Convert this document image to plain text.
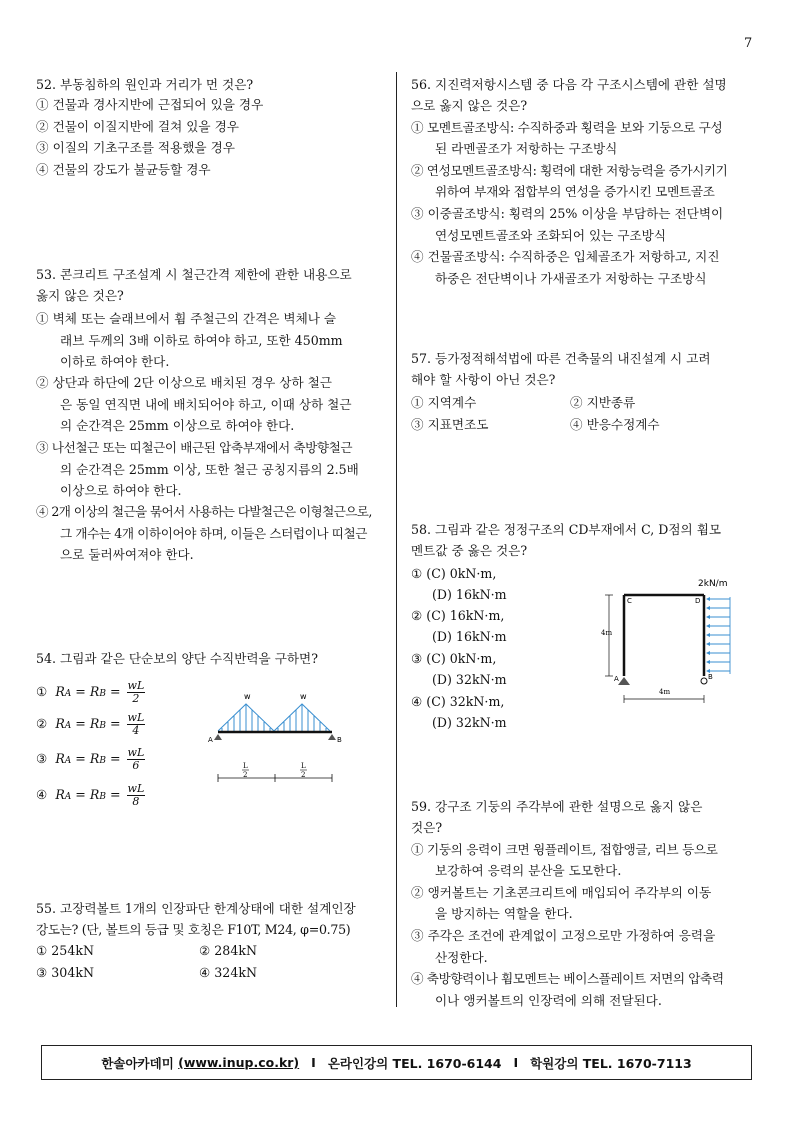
7
52. 부동침하의 원인과 거리가 먼 것은?
① 건물과 경사지반에 근접되어 있을 경우
② 건물이 이질지반에 걸쳐 있을 경우
③ 이질의 기초구조를 적용했을 경우
④ 건물의 강도가 불균등할 경우
53. 콘크리트 구조설계 시 철근간격 제한에 관한 내용으로
옳지 않은 것은?
① 벽체 또는 슬래브에서 휨 주철근의 간격은 벽체나 슬
래브 두께의 3배 이하로 하여야 하고, 또한 450mm
이하로 하여야 한다.
② 상단과 하단에 2단 이상으로 배치된 경우 상하 철근
은 동일 연직면 내에 배치되어야 하고, 이때 상하 철근
의 순간격은 25mm 이상으로 하여야 한다.
③ 나선철근 또는 띠철근이 배근된 압축부재에서 축방향철근
의 순간격은 25mm 이상, 또한 철근 공칭지름의 2.5배
이상으로 하여야 한다.
④ 2개 이상의 철근을 묶어서 사용하는 다발철근은 이형철근으로,
그 개수는 4개 이하이어야 하며, 이들은 스터럽이나 띠철근
으로 둘러싸여져야 한다.
54. 그림과 같은 단순보의 양단 수직반력을 구하면?
① RA = RB = $\frac{wL}{2}$
② RA = RB = $\frac{wL}{4}$
③ RA = RB = $\frac{wL}{6}$
④ RA = RB = $\frac{wL}{8}$
w	w
A	B
L
2
L
2
55. 고장력볼트 1개의 인장파단 한계상태에 대한 설계인장
강도는? (단, 볼트의 등급 및 호칭은 F10T, M24, φ=0.75)
① 254kN	② 284kN
③ 304kN	④ 324kN
56. 지진력저항시스템 중 다음 각 구조시스템에 관한 설명
으로 옳지 않은 것은?
① 모멘트골조방식: 수직하중과 횡력을 보와 기둥으로 구성
된 라멘골조가 저항하는 구조방식
② 연성모멘트골조방식: 횡력에 대한 저항능력을 증가시키기
위하여 부재와 접합부의 연성을 증가시킨 모멘트골조
③ 이중골조방식: 횡력의 25% 이상을 부담하는 전단벽이
연성모멘트골조와 조화되어 있는 구조방식
④ 건물골조방식: 수직하중은 입체골조가 저항하고, 지진
하중은 전단벽이나 가새골조가 저항하는 구조방식
57. 등가정적해석법에 따른 건축물의 내진설계 시 고려
해야 할 사항이 아닌 것은?
① 지역계수	② 지반종류
③ 지표면조도	④ 반응수정계수
58. 그림과 같은 정정구조의 CD부재에서 C, D점의 휨모
멘트값 중 옳은 것은?
① (C) 0kN·m,
(D) 16kN·m
② (C) 16kN·m,
(D) 16kN·m
③ (C) 0kN·m,
(D) 32kN·m
④ (C) 32kN·m,
(D) 32kN·m
2kN/m
C	D
A	B
4m
4m
59. 강구조 기둥의 주각부에 관한 설명으로 옳지 않은
것은?
① 기둥의 응력이 크면 윙플레이트, 접합앵글, 리브 등으로
보강하여 응력의 분산을 도모한다.
② 앵커볼트는 기초콘크리트에 매입되어 주각부의 이동
을 방지하는 역할을 한다.
③ 주각은 조건에 관계없이 고정으로만 가정하여 응력을
산정한다.
④ 축방향력이나 휨모멘트는 베이스플레이트 저면의 압축력
이나 앵커볼트의 인장력에 의해 전달된다.
한솔아카데미
(www.inup.co.kr) I 온라인강의 TEL. 1670-6144 I 학원강의 TEL. 1670-7113
